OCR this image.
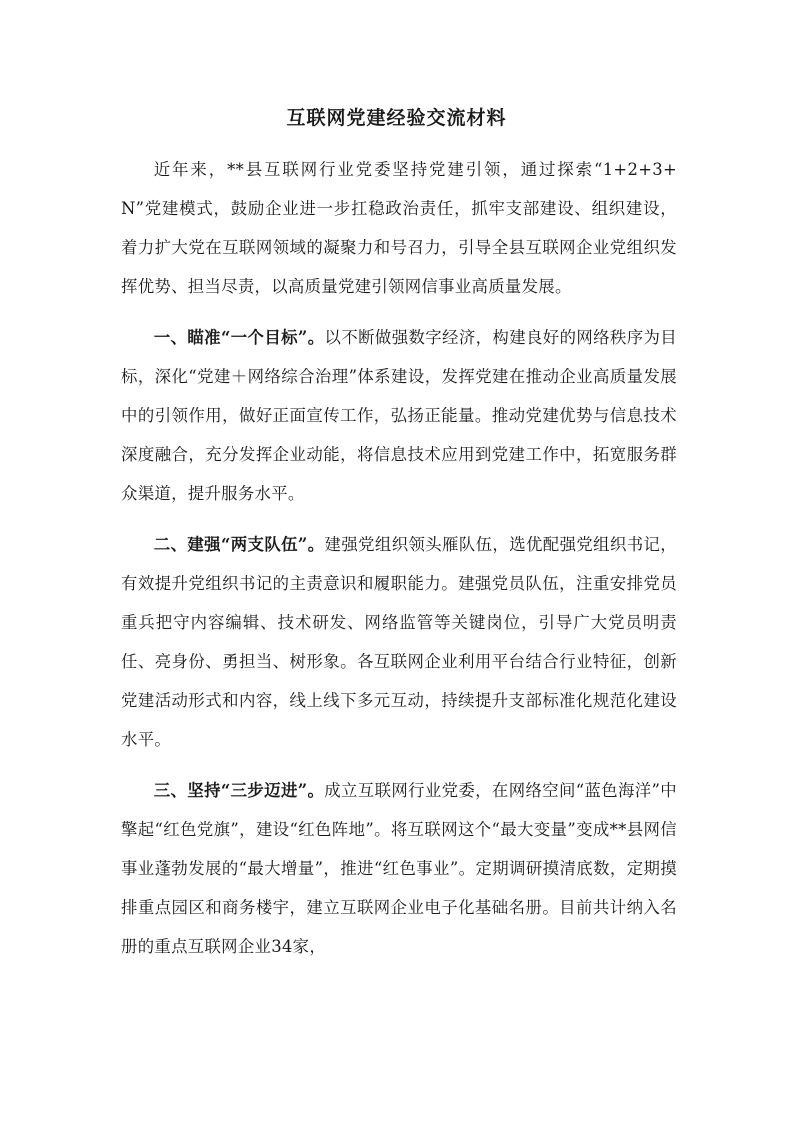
互联网党建经验交流材料

近年来，**县互联网行业党委坚持党建引领，通过探索“1+2+3+N”党建模式，鼓励企业进一步扛稳政治责任，抓牢支部建设、组织建设，着力扩大党在互联网领域的凝聚力和号召力，引导全县互联网企业党组织发挥优势、担当尽责，以高质量党建引领网信事业高质量发展。

一、瞄准“一个目标”。以不断做强数字经济，构建良好的网络秩序为目标，深化“党建＋网络综合治理”体系建设，发挥党建在推动企业高质量发展中的引领作用，做好正面宣传工作，弘扬正能量。推动党建优势与信息技术深度融合，充分发挥企业动能，将信息技术应用到党建工作中，拓宽服务群众渠道，提升服务水平。

二、建强“两支队伍”。建强党组织领头雁队伍，选优配强党组织书记，有效提升党组织书记的主责意识和履职能力。建强党员队伍，注重安排党员重兵把守内容编辑、技术研发、网络监管等关键岗位，引导广大党员明责任、亮身份、勇担当、树形象。各互联网企业利用平台结合行业特征，创新党建活动形式和内容，线上线下多元互动，持续提升支部标准化规范化建设水平。

三、坚持“三步迈进”。成立互联网行业党委，在网络空间“蓝色海洋”中擎起“红色党旗”，建设“红色阵地”。将互联网这个“最大变量”变成**县网信事业蓬勃发展的“最大增量”，推进“红色事业”。定期调研摸清底数，定期摸排重点园区和商务楼宇，建立互联网企业电子化基础名册。目前共计纳入名册的重点互联网企业34家，
